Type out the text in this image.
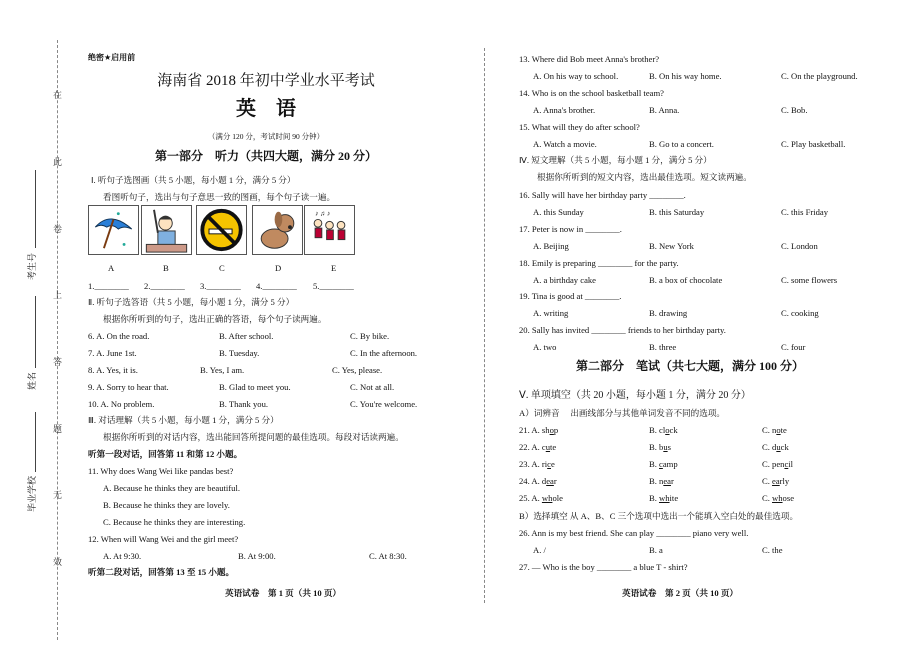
在
此
卷
上
答
题
无
效
考生号
姓名
毕业学校
绝密★启用前
海南省 2018 年初中学业水平考试
英　语
（满分 120 分，考试时间 90 分钟）
第一部分　听力（共四大题，满分 20 分）
Ⅰ. 听句子选图画（共 5 小题，每小题 1 分，满分 5 分）
看图听句子，选出与句子意思一致的图画，每个句子读一遍。
♪ ♫ ♪
A	B	C	D	E
1.________ 2.________ 3.________ 4.________ 5.________
Ⅱ. 听句子选答语（共 5 小题，每小题 1 分，满分 5 分）
根据你所听到的句子，选出正确的答语，每个句子读两遍。
6. A. On the road.	B. After school.	C. By bike.
7. A. June 1st.	B. Tuesday.	C. In the afternoon.
8. A. Yes, it is.	B. Yes, I am.	C. Yes, please.
9. A. Sorry to hear that.	B. Glad to meet you.	C. Not at all.
10. A. No problem.	B. Thank you.	C. You're welcome.
Ⅲ. 对话理解（共 5 小题，每小题 1 分，满分 5 分）
根据你所听到的对话内容，选出能回答所提问题的最佳选项。每段对话读两遍。
听第一段对话，回答第 11 和第 12 小题。
11. Why does Wang Wei like pandas best?
A. Because he thinks they are beautiful.
B. Because he thinks they are lovely.
C. Because he thinks they are interesting.
12. When will Wang Wei and the girl meet?
A. At 9:30.	B. At 9:00.	C. At 8:30.
听第二段对话，回答第 13 至 15 小题。
英语试卷　第 1 页（共 10 页）
13. Where did Bob meet Anna's brother?
A. On his way to school.	B. On his way home.	C. On the playground.
14. Who is on the school basketball team?
A. Anna's brother.	B. Anna.	C. Bob.
15. What will they do after school?
A. Watch a movie.	B. Go to a concert.	C. Play basketball.
Ⅳ. 短文理解（共 5 小题，每小题 1 分，满分 5 分）
根据你所听到的短文内容，选出最佳选项。短文读两遍。
16. Sally will have her birthday party ________.
A. this Sunday	B. this Saturday	C. this Friday
17. Peter is now in ________.
A. Beijing	B. New York	C. London
18. Emily is preparing ________ for the party.
A. a birthday cake	B. a box of chocolate	C. some flowers
19. Tina is good at ________.
A. writing	B. drawing	C. cooking
20. Sally has invited ________ friends to her birthday party.
A. two	B. three	C. four
第二部分　笔试（共七大题，满分 100 分）
Ⅴ. 单项填空（共 20 小题，每小题 1 分，满分 20 分）
A）词辨音　 出画线部分与其他单词发音不同的选项。
21. A. shop	B. clock	C. note
22. A. cute	B. bus	C. duck
23. A. rice	B. camp	C. pencil
24. A. dear	B. near	C. early
25. A. whole	B. white	C. whose
B）选择填空 从 A、B、C 三个选项中选出一个能填入空白处的最佳选项。
26. Ann is my best friend. She can play ________ piano very well.
A. /	B. a	C. the
27. — Who is the boy ________ a blue T - shirt?
英语试卷　第 2 页（共 10 页）
